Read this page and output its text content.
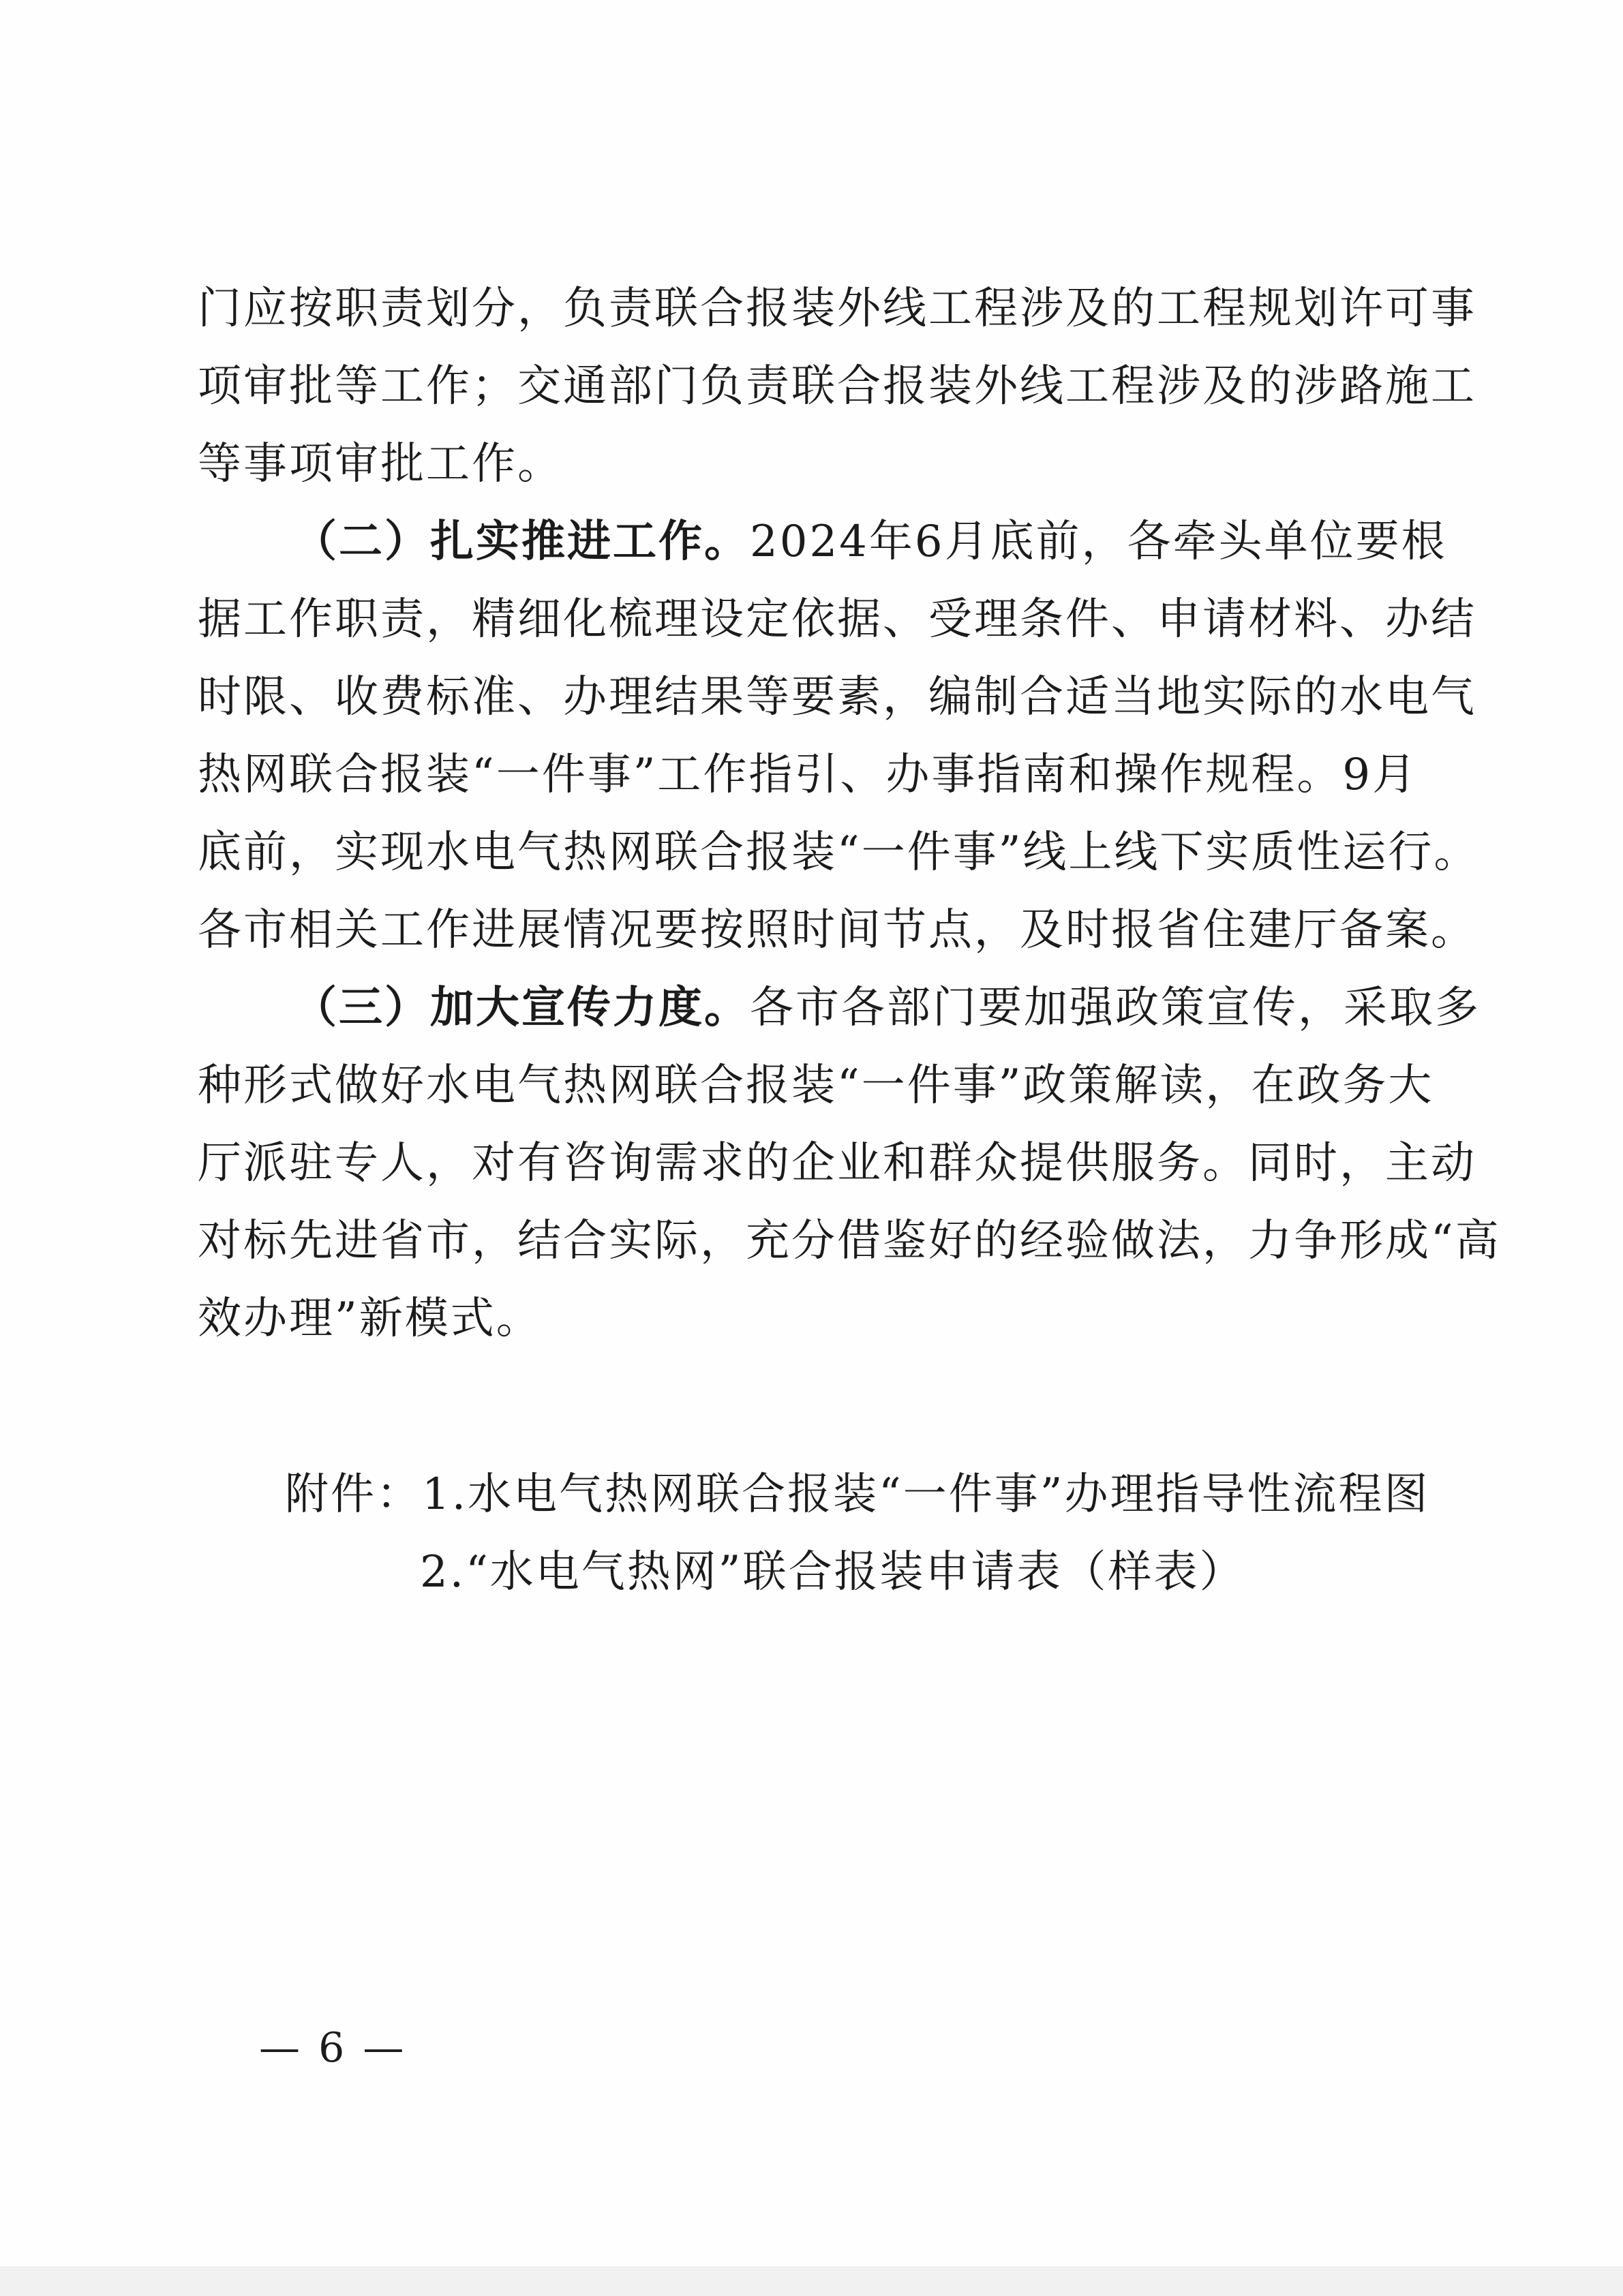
门应按职责划分，负责联合报装外线工程涉及的工程规划许可事
项审批等工作；交通部门负责联合报装外线工程涉及的涉路施工
等事项审批工作。
（二）扎实推进工作。2024年6月底前，各牵头单位要根
据工作职责，精细化梳理设定依据、受理条件、申请材料、办结
时限、收费标准、办理结果等要素，编制合适当地实际的水电气
热网联合报装“一件事”工作指引、办事指南和操作规程。9月
底前，实现水电气热网联合报装“一件事”线上线下实质性运行。
各市相关工作进展情况要按照时间节点，及时报省住建厅备案。
（三）加大宣传力度。各市各部门要加强政策宣传，采取多
种形式做好水电气热网联合报装“一件事”政策解读，在政务大
厅派驻专人，对有咨询需求的企业和群众提供服务。同时，主动
对标先进省市，结合实际，充分借鉴好的经验做法，力争形成“高
效办理”新模式。
附件：1.水电气热网联合报装“一件事”办理指导性流程图
2.“水电气热网”联合报装申请表（样表）
— 6 —
